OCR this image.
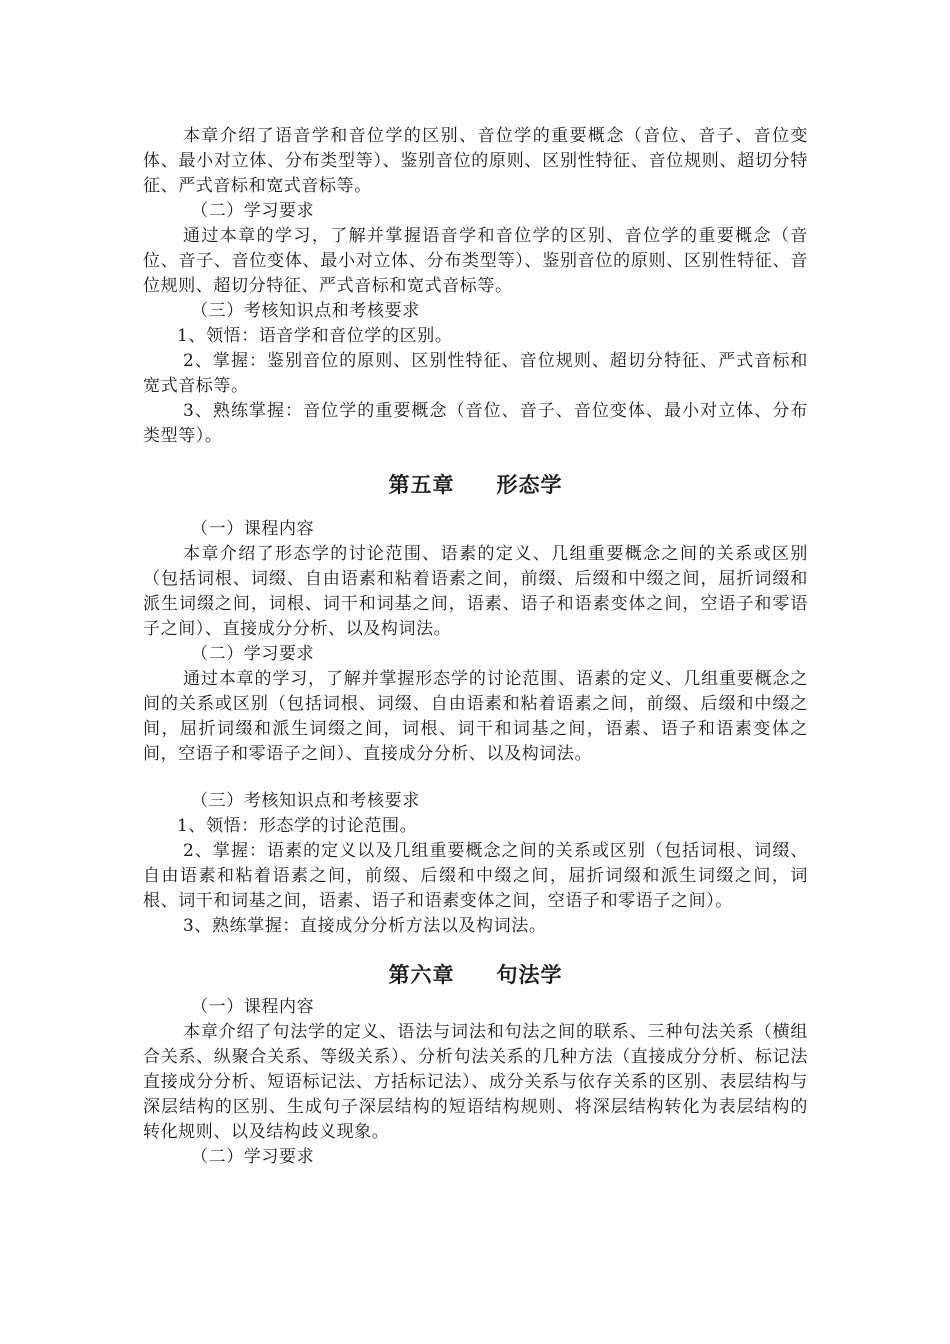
本章介绍了语音学和音位学的区别、音位学的重要概念（音位、音子、音位变体、最小对立体、分布类型等）、鉴别音位的原则、区别性特征、音位规则、超切分特征、严式音标和宽式音标等。

（二）学习要求

通过本章的学习，了解并掌握语音学和音位学的区别、音位学的重要概念（音位、音子、音位变体、最小对立体、分布类型等）、鉴别音位的原则、区别性特征、音位规则、超切分特征、严式音标和宽式音标等。

（三）考核知识点和考核要求

1、领悟：语音学和音位学的区别。

2、掌握：鉴别音位的原则、区别性特征、音位规则、超切分特征、严式音标和宽式音标等。

3、熟练掌握：音位学的重要概念（音位、音子、音位变体、最小对立体、分布类型等）。

第五章 形态学

（一）课程内容

本章介绍了形态学的讨论范围、语素的定义、几组重要概念之间的关系或区别（包括词根、词缀、自由语素和粘着语素之间，前缀、后缀和中缀之间，屈折词缀和派生词缀之间，词根、词干和词基之间，语素、语子和语素变体之间，空语子和零语子之间）、直接成分分析、以及构词法。

（二）学习要求

通过本章的学习，了解并掌握形态学的讨论范围、语素的定义、几组重要概念之间的关系或区别（包括词根、词缀、自由语素和粘着语素之间，前缀、后缀和中缀之间，屈折词缀和派生词缀之间，词根、词干和词基之间，语素、语子和语素变体之间，空语子和零语子之间）、直接成分分析、以及构词法。

（三）考核知识点和考核要求

1、领悟：形态学的讨论范围。

2、掌握：语素的定义以及几组重要概念之间的关系或区别（包括词根、词缀、自由语素和粘着语素之间，前缀、后缀和中缀之间，屈折词缀和派生词缀之间，词根、词干和词基之间，语素、语子和语素变体之间，空语子和零语子之间）。

3、熟练掌握：直接成分分析方法以及构词法。

第六章 句法学

（一）课程内容

本章介绍了句法学的定义、语法与词法和句法之间的联系、三种句法关系（横组合关系、纵聚合关系、等级关系）、分析句法关系的几种方法（直接成分分析、标记法直接成分分析、短语标记法、方括标记法）、成分关系与依存关系的区别、表层结构与深层结构的区别、生成句子深层结构的短语结构规则、将深层结构转化为表层结构的转化规则、以及结构歧义现象。

（二）学习要求
